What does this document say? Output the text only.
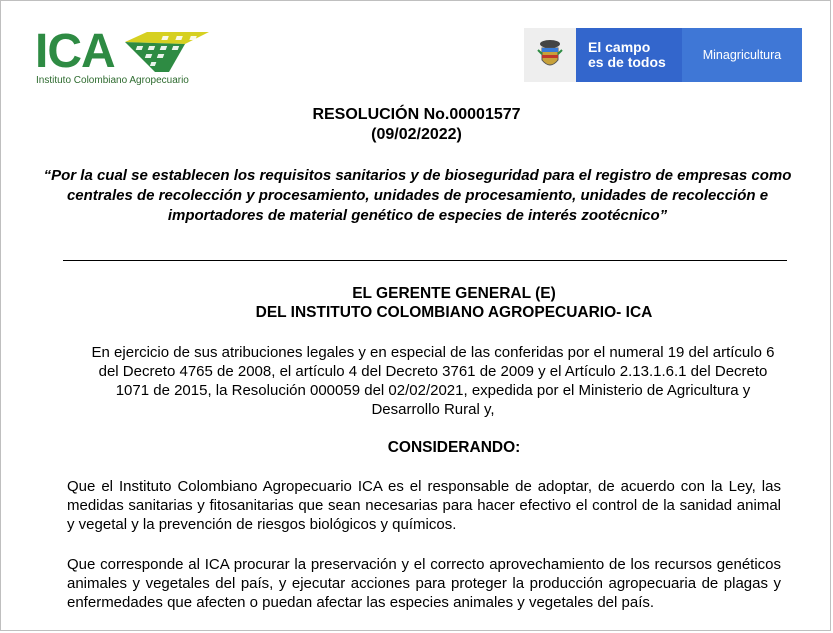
ICA
Instituto Colombiano Agropecuario
El campo
es de todos	Minagricultura
RESOLUCIÓN No.00001577
(09/02/2022)
“Por la cual se establecen los requisitos sanitarios y de bioseguridad para el registro de empresas como centrales de recolección y procesamiento, unidades de procesamiento, unidades de recolección e importadores de material genético de especies de interés zootécnico”
EL GERENTE GENERAL (E)
DEL INSTITUTO COLOMBIANO AGROPECUARIO- ICA
En ejercicio de sus atribuciones legales y en especial de las conferidas por el numeral 19 del artículo 6 del Decreto 4765 de 2008, el artículo 4 del Decreto 3761 de 2009 y el Artículo 2.13.1.6.1 del Decreto 1071 de 2015, la Resolución 000059 del 02/02/2021, expedida por el Ministerio de Agricultura y Desarrollo Rural y,
CONSIDERANDO:
Que el Instituto Colombiano Agropecuario ICA es el responsable de adoptar, de acuerdo con la Ley, las medidas sanitarias y fitosanitarias que sean necesarias para hacer efectivo el control de la sanidad animal y vegetal y la prevención de riesgos biológicos y químicos.
Que corresponde al ICA procurar la preservación y el correcto aprovechamiento de los recursos genéticos animales y vegetales del país, y ejecutar acciones para proteger la producción agropecuaria de plagas y enfermedades que afecten o puedan afectar las especies animales y vegetales del país.
